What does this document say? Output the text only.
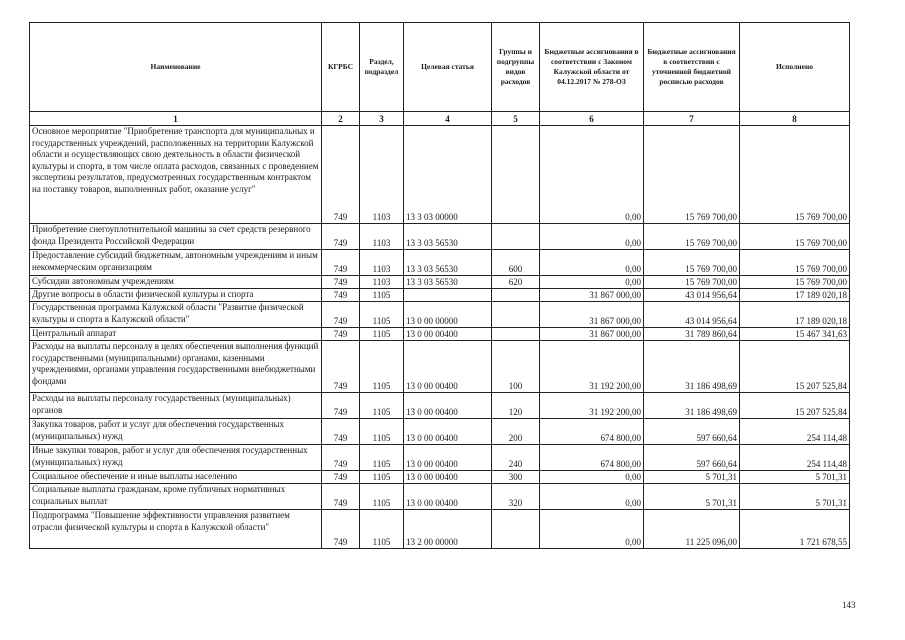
Наименование	КГРБС	Раздел, подраздел	Целевая статья	Группы и подгруппы видов расходов	Бюджетные ассигнования в соответствии с Законом Калужской области от 04.12.2017 № 278-ОЗ	Бюджетные ассигнования в соответствии с уточненной бюджетной росписью расходов	Исполнено
1	2	3	4	5	6	7	8
Основное мероприятие "Приобретение транспорта для муниципальных и государственных учреждений, расположенных на территории Калужской области и осуществляющих свою деятельность в области физической культуры и спорта, в том числе оплата расходов, связанных с проведением экспертизы результатов, предусмотренных государственным контрактом на поставку товаров, выполненных работ, оказание услуг"	749	1103	13 3 03 00000		0,00	15 769 700,00	15 769 700,00
Приобретение снегоуплотнительной машины за счет средств резервного фонда Президента Российской Федерации	749	1103	13 3 03 56530		0,00	15 769 700,00	15 769 700,00
Предоставление субсидий бюджетным, автономным учреждениям и иным некоммерческим организациям	749	1103	13 3 03 56530	600	0,00	15 769 700,00	15 769 700,00
Субсидии автономным учреждениям	749	1103	13 3 03 56530	620	0,00	15 769 700,00	15 769 700,00
Другие вопросы в области физической культуры и спорта	749	1105			31 867 000,00	43 014 956,64	17 189 020,18
Государственная программа Калужской области "Развитие физической культуры и спорта в Калужской области"	749	1105	13 0 00 00000		31 867 000,00	43 014 956,64	17 189 020,18
Центральный аппарат	749	1105	13 0 00 00400		31 867 000,00	31 789 860,64	15 467 341,63
Расходы на выплаты персоналу в целях обеспечения выполнения функций государственными (муниципальными) органами, казенными учреждениями, органами управления государственными внебюджетными фондами	749	1105	13 0 00 00400	100	31 192 200,00	31 186 498,69	15 207 525,84
Расходы на выплаты персоналу государственных (муниципальных) органов	749	1105	13 0 00 00400	120	31 192 200,00	31 186 498,69	15 207 525,84
Закупка товаров, работ и услуг для обеспечения государственных (муниципальных) нужд	749	1105	13 0 00 00400	200	674 800,00	597 660,64	254 114,48
Иные закупки товаров, работ и услуг для обеспечения государственных (муниципальных) нужд	749	1105	13 0 00 00400	240	674 800,00	597 660,64	254 114,48
Социальное обеспечение и иные выплаты населению	749	1105	13 0 00 00400	300	0,00	5 701,31	5 701,31
Социальные выплаты гражданам, кроме публичных нормативных социальных выплат	749	1105	13 0 00 00400	320	0,00	5 701,31	5 701,31
Подпрограмма "Повышение эффективности управления развитием отрасли физической культуры и спорта в Калужской области"	749	1105	13 2 00 00000		0,00	11 225 096,00	1 721 678,55
143
